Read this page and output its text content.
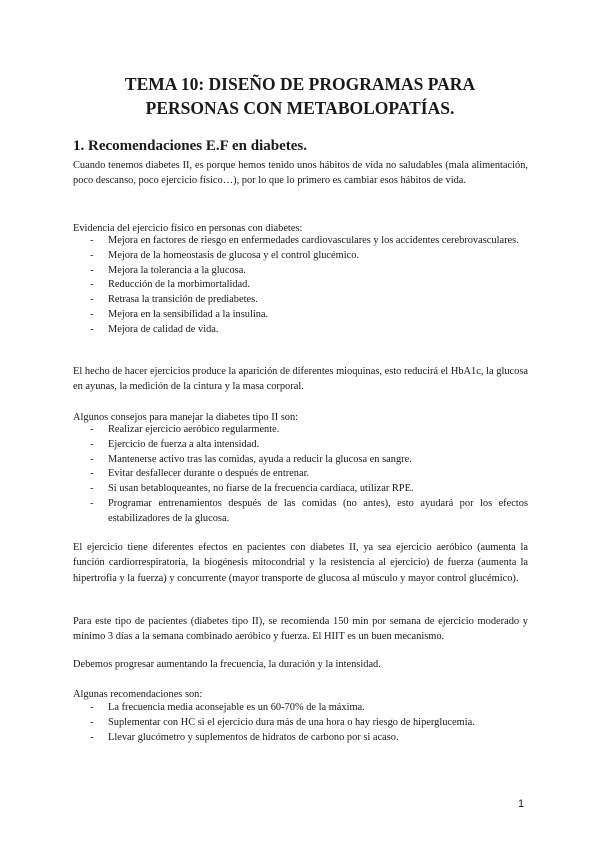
TEMA 10: DISEÑO DE PROGRAMAS PARA
PERSONAS CON METABOLOPATÍAS.
1. Recomendaciones E.F en diabetes.

Cuando tenemos diabetes II, es porque hemos tenido unos hábitos de vida no saludables (mala alimentación, poco descanso, poco ejercicio físico…), por lo que lo primero es cambiar esos hábitos de vida.

Evidencia del ejercicio físico en personas con diabetes:

- Mejora en factores de riesgo en enfermedades cardiovasculares y los accidentes cerebrovasculares.
- Mejora de la homeostasis de glucosa y el control glucémico.
- Mejora la tolerancia a la glucosa.
- Reducción de la morbimortalidad.
- Retrasa la transición de prediabetes.
- Mejora en la sensibilidad a la insulina.
- Mejora de calidad de vida.

El hecho de hacer ejercicios produce la aparición de diferentes mioquinas, esto reducirá el HbA1c, la glucosa en ayunas, la medición de la cintura y la masa corporal.

Algunos consejos para manejar la diabetes tipo II son:

- Realizar ejercicio aeróbico regularmente.
- Ejercicio de fuerza a alta intensidad.
- Mantenerse activo tras las comidas, ayuda a reducir la glucosa en sangre.
- Evitar desfallecer durante o después de entrenar.
- Si usan betabloqueantes, no fiarse de la frecuencia cardíaca, utilizar RPE.
- Programar entrenamientos después de las comidas (no antes), esto ayudará por los efectos estabilizadores de la glucosa.

El ejercicio tiene diferentes efectos en pacientes con diabetes II, ya sea ejercicio aeróbico (aumenta la función cardiorrespiratoria, la biogénesis mitocondrial y la resistencia al ejercicio) de fuerza (aumenta la hipertrofia y la fuerza) y concurrente (mayor transporte de glucosa al músculo y mayor control glucémico).

Para este tipo de pacientes (diabetes tipo II), se recomienda 150 min por semana de ejercicio moderado y mínimo 3 días a la semana combinado aeróbico y fuerza. El HIIT es un buen mecanismo.

Debemos progresar aumentando la frecuencia, la duración y la intensidad.

Algunas recomendaciones son:

- La frecuencia media aconsejable es un 60-70% de la máxima.
- Suplementar con HC si el ejercicio dura más de una hora o hay riesgo de hiperglucemia.
- Llevar glucómetro y suplementos de hidratos de carbono por si acaso.
1
